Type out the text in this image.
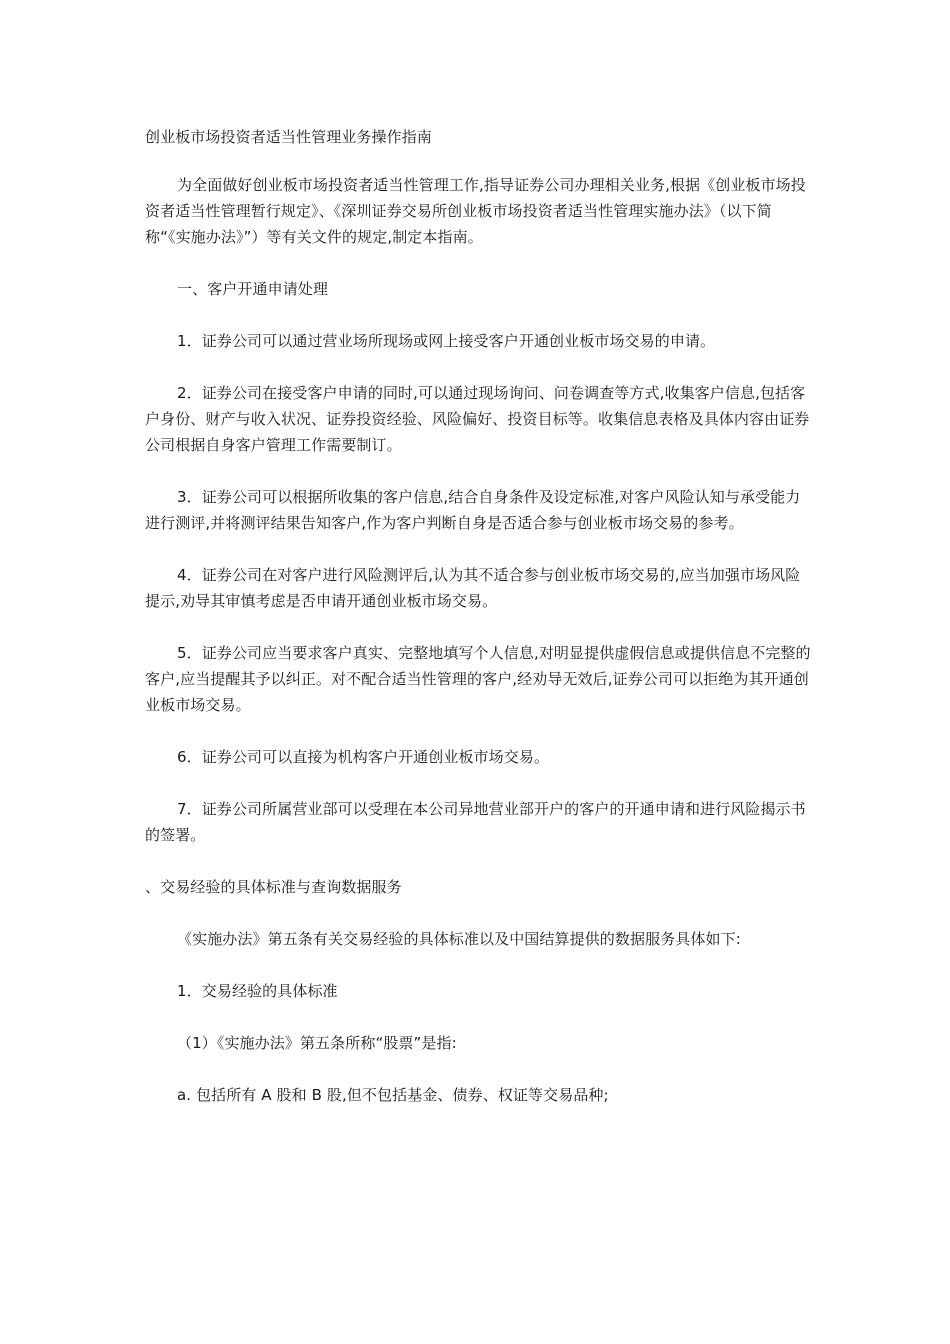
创业板市场投资者适当性管理业务操作指南

为全面做好创业板市场投资者适当性管理工作,指导证券公司办理相关业务,根据《创业板市场投资者适当性管理暂行规定》、《深圳证券交易所创业板市场投资者适当性管理实施办法》（以下简称“《实施办法》”）等有关文件的规定,制定本指南。

一、客户开通申请处理

1．证券公司可以通过营业场所现场或网上接受客户开通创业板市场交易的申请。

2．证券公司在接受客户申请的同时,可以通过现场询问、问卷调查等方式,收集客户信息,包括客户身份、财产与收入状况、证券投资经验、风险偏好、投资目标等。收集信息表格及具体内容由证券公司根据自身客户管理工作需要制订。

3．证券公司可以根据所收集的客户信息,结合自身条件及设定标准,对客户风险认知与承受能力进行测评,并将测评结果告知客户,作为客户判断自身是否适合参与创业板市场交易的参考。

4．证券公司在对客户进行风险测评后,认为其不适合参与创业板市场交易的,应当加强市场风险提示,劝导其审慎考虑是否申请开通创业板市场交易。

5．证券公司应当要求客户真实、完整地填写个人信息,对明显提供虚假信息或提供信息不完整的客户,应当提醒其予以纠正。对不配合适当性管理的客户,经劝导无效后,证券公司可以拒绝为其开通创业板市场交易。

6．证券公司可以直接为机构客户开通创业板市场交易。

7．证券公司所属营业部可以受理在本公司异地营业部开户的客户的开通申请和进行风险揭示书的签署。

、交易经验的具体标准与查询数据服务

《实施办法》第五条有关交易经验的具体标准以及中国结算提供的数据服务具体如下:

1．交易经验的具体标准

（1）《实施办法》第五条所称“股票”是指:

a. 包括所有 A 股和 B 股,但不包括基金、债券、权证等交易品种;
